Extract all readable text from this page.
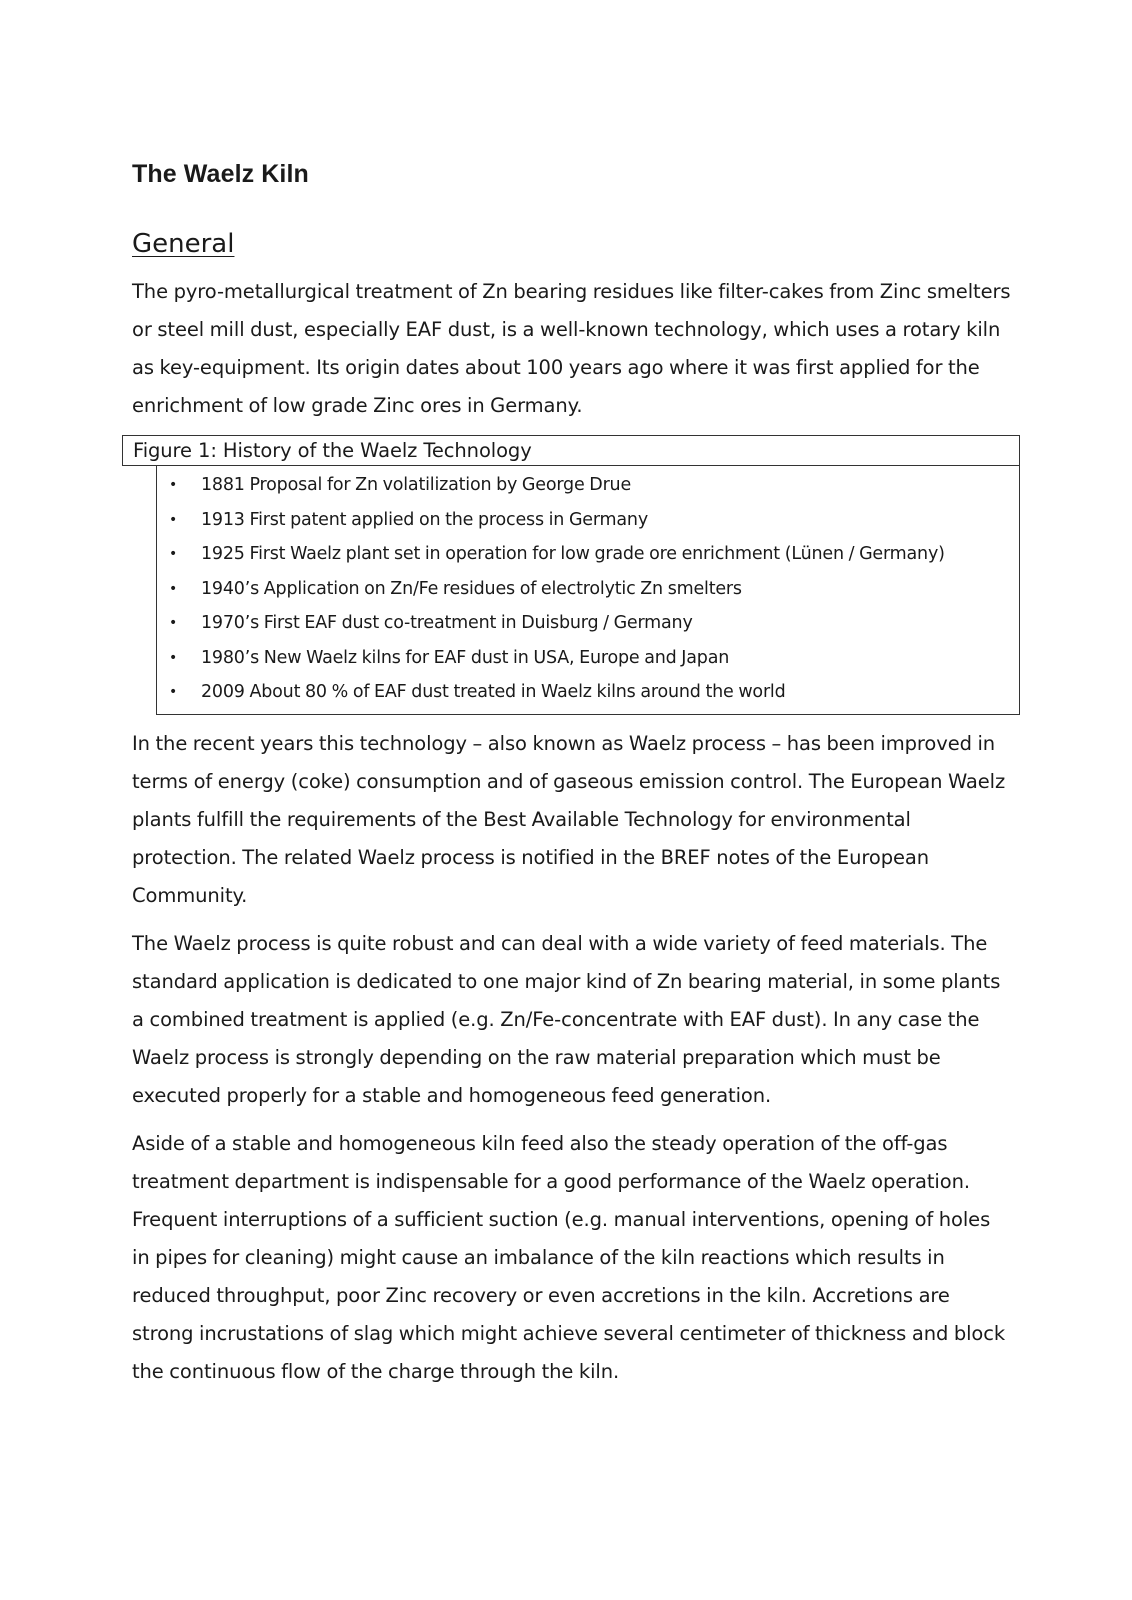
The Waelz Kiln
General

The pyro-metallurgical treatment of Zn bearing residues like filter-cakes from Zinc smelters or steel mill dust, especially EAF dust, is a well-known technology, which uses a rotary kiln as key-equipment. Its origin dates about 100 years ago where it was first applied for the enrichment of low grade Zinc ores in Germany.

Figure 1: History of the Waelz Technology
• 1881 Proposal for Zn volatilization by George Drue
• 1913 First patent applied on the process in Germany
• 1925 First Waelz plant set in operation for low grade ore enrichment (Lünen / Germany)
• 1940’s Application on Zn/Fe residues of electrolytic Zn smelters
• 1970’s First EAF dust co-treatment in Duisburg / Germany
• 1980’s New Waelz kilns for EAF dust in USA, Europe and Japan
• 2009 About 80 % of EAF dust treated in Waelz kilns around the world

In the recent years this technology – also known as Waelz process – has been improved in terms of energy (coke) consumption and of gaseous emission control. The European Waelz plants fulfill the requirements of the Best Available Technology for environmental protection. The related Waelz process is notified in the BREF notes of the European Community.

The Waelz process is quite robust and can deal with a wide variety of feed materials. The standard application is dedicated to one major kind of Zn bearing material, in some plants a combined treatment is applied (e.g. Zn/Fe-concentrate with EAF dust). In any case the Waelz process is strongly depending on the raw material preparation which must be executed properly for a stable and homogeneous feed generation.

Aside of a stable and homogeneous kiln feed also the steady operation of the off-gas treatment department is indispensable for a good performance of the Waelz operation. Frequent interruptions of a sufficient suction (e.g. manual interventions, opening of holes in pipes for cleaning) might cause an imbalance of the kiln reactions which results in reduced throughput, poor Zinc recovery or even accretions in the kiln. Accretions are strong incrustations of slag which might achieve several centimeter of thickness and block the continuous flow of the charge through the kiln.
